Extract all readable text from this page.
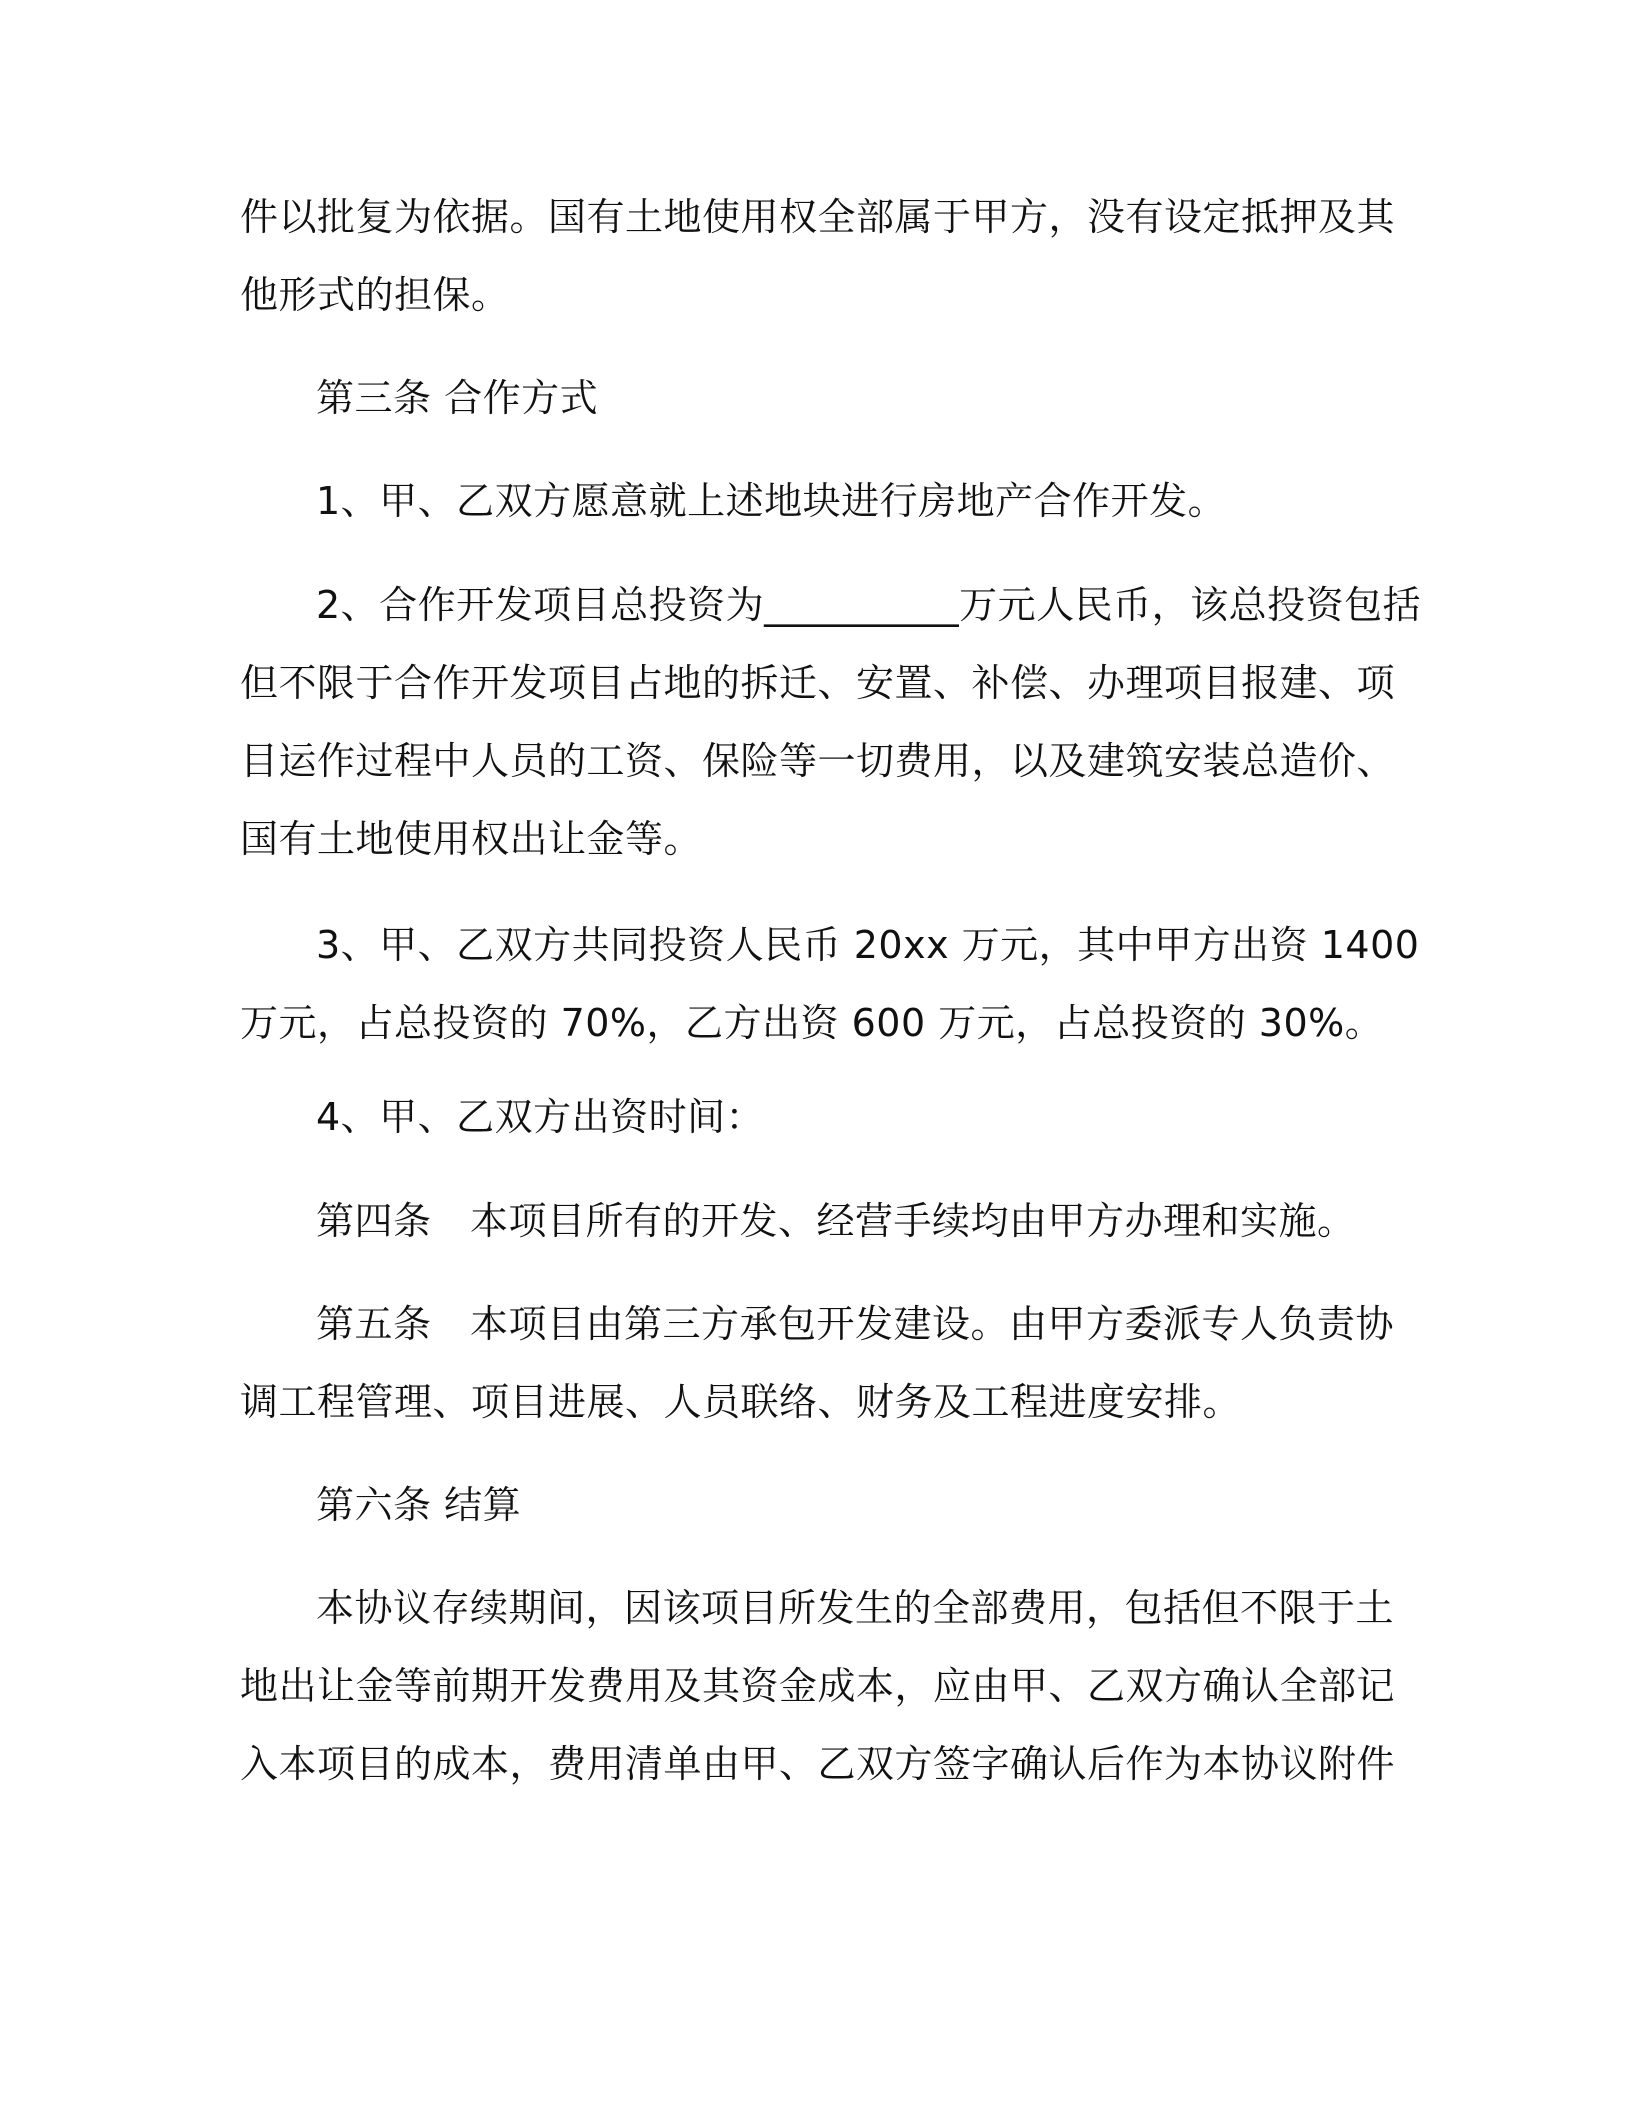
件以批复为依据。国有土地使用权全部属于甲方，没有设定抵押及其
他形式的担保。
第三条 合作方式
1、甲、乙双方愿意就上述地块进行房地产合作开发。
2、合作开发项目总投资为__________万元人民币，该总投资包括
但不限于合作开发项目占地的拆迁、安置、补偿、办理项目报建、项
目运作过程中人员的工资、保险等一切费用，以及建筑安装总造价、
国有土地使用权出让金等。
3、甲、乙双方共同投资人民币 20xx 万元，其中甲方出资 1400
万元，占总投资的 70%，乙方出资 600 万元，占总投资的 30%。
4、甲、乙双方出资时间：
第四条　本项目所有的开发、经营手续均由甲方办理和实施。
第五条　本项目由第三方承包开发建设。由甲方委派专人负责协
调工程管理、项目进展、人员联络、财务及工程进度安排。
第六条 结算
本协议存续期间，因该项目所发生的全部费用，包括但不限于土
地出让金等前期开发费用及其资金成本，应由甲、乙双方确认全部记
入本项目的成本，费用清单由甲、乙双方签字确认后作为本协议附件
